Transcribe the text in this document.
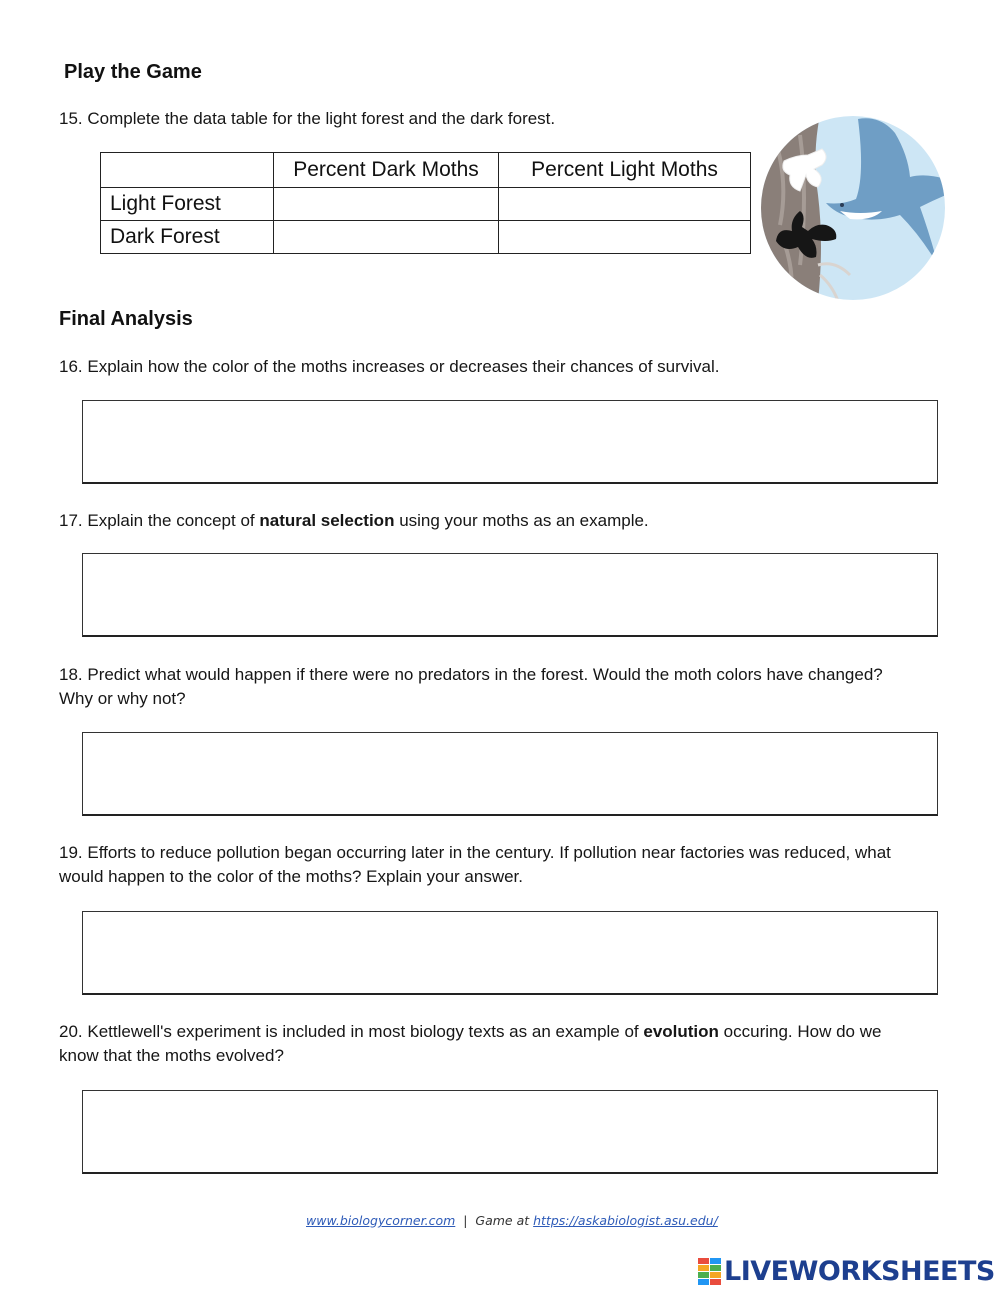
Play the Game
15. Complete the data table for the light forest and the dark forest.
	Percent Dark Moths	Percent Light Moths
Light Forest		
Dark Forest		
Final Analysis
16. Explain how the color of the moths increases or decreases their chances of survival.
17. Explain the concept of natural selection using your moths as an example.
18. Predict what would happen if there were no predators in the forest. Would the moth colors have changed?
Why or why not?
19. Efforts to reduce pollution began occurring later in the century. If pollution near factories was reduced, what
would happen to the color of the moths? Explain your answer.
20. Kettlewell's experiment is included in most biology texts as an example of evolution occuring. How do we
know that the moths evolved?
www.biologycorner.com  |  Game at https://askabiologist.asu.edu/
LIVEWORKSHEETS
